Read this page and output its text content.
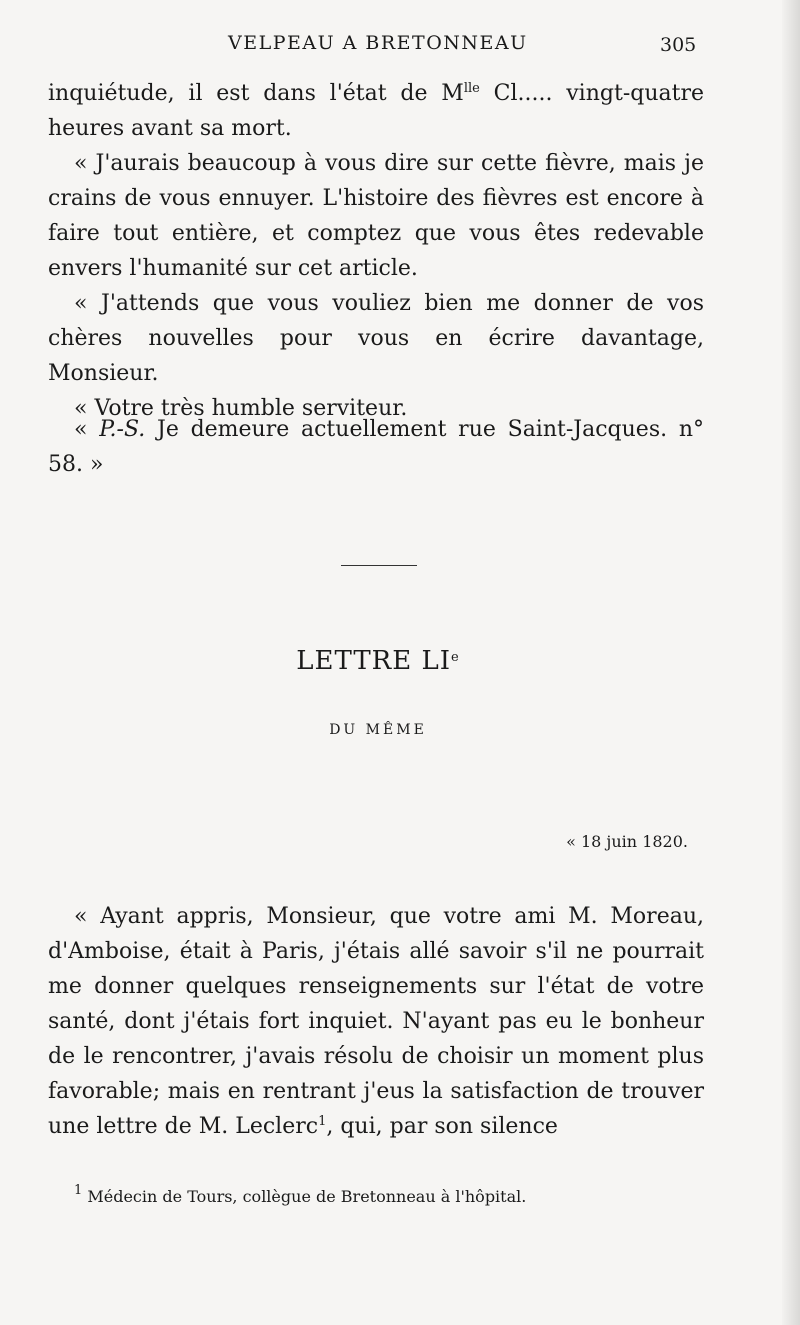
VELPEAU A BRETONNEAU	305

inquiétude, il est dans l'état de $M^{lle}$ Cl..... vingt-quatre heures avant sa mort.

« J'aurais beaucoup à vous dire sur cette fièvre, mais je crains de vous ennuyer. L'histoire des fièvres est encore à faire tout entière, et comptez que vous êtes redevable envers l'humanité sur cet article.

« J'attends que vous vouliez bien me donner de vos chères nouvelles pour vous en écrire davantage, Monsieur.

« Votre très humble serviteur.

« P.-S. Je demeure actuellement rue Saint-Jacques. n° 58. »

LETTRE LIe
DU MÊME
« 18 juin 1820.

« Ayant appris, Monsieur, que votre ami M. Moreau, d'Amboise, était à Paris, j'étais allé savoir s'il ne pourrait me donner quelques renseignements sur l'état de votre santé, dont j'étais fort inquiet. N'ayant pas eu le bonheur de le rencontrer, j'avais résolu de choisir un moment plus favorable; mais en rentrant j'eus la satisfaction de trouver une lettre de M. Leclerc$^1$, qui, par son silence

$^1$ Médecin de Tours, collègue de Bretonneau à l'hôpital.
